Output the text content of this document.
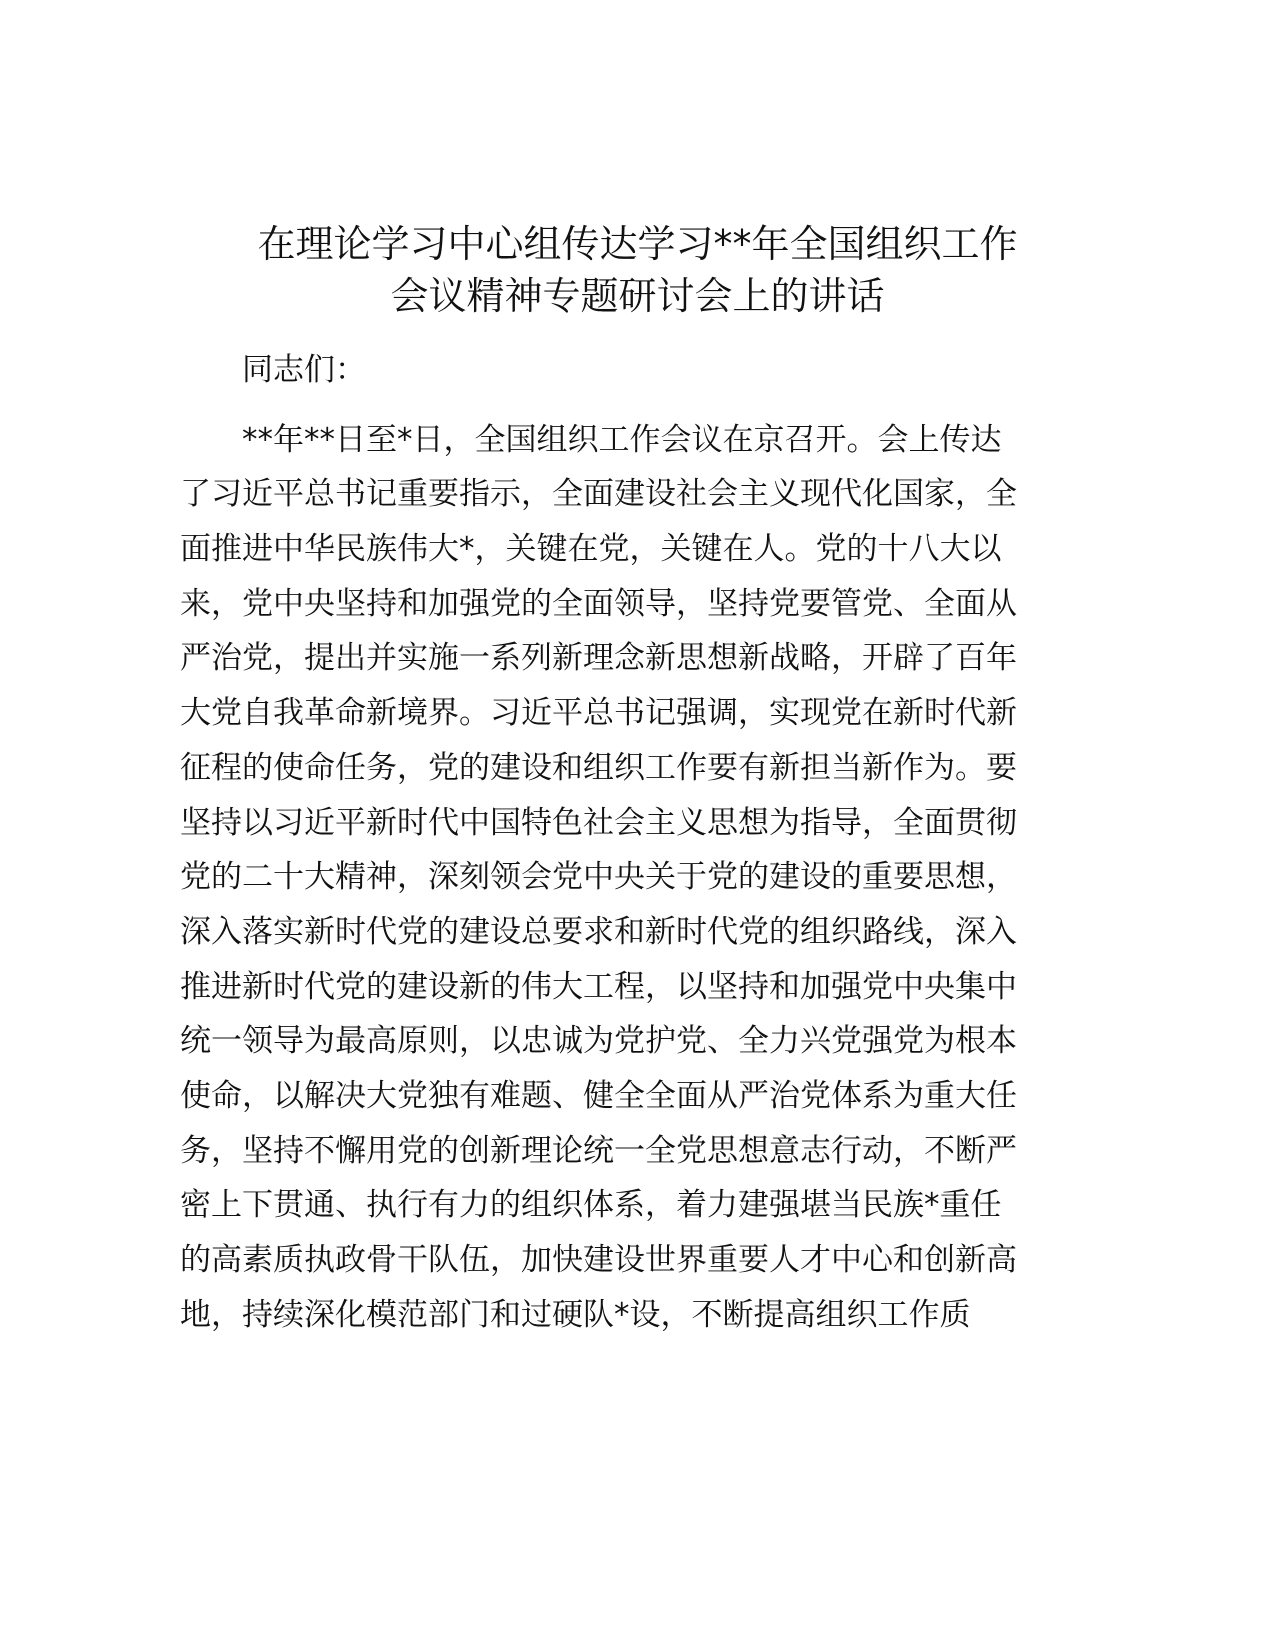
在理论学习中心组传达学习**年全国组织工作
会议精神专题研讨会上的讲话
同志们：
**年**日至*日，全国组织工作会议在京召开。会上传达
了习近平总书记重要指示，全面建设社会主义现代化国家，全
面推进中华民族伟大*，关键在党，关键在人。党的十八大以
来，党中央坚持和加强党的全面领导，坚持党要管党、全面从
严治党，提出并实施一系列新理念新思想新战略，开辟了百年
大党自我革命新境界。习近平总书记强调，实现党在新时代新
征程的使命任务，党的建设和组织工作要有新担当新作为。要
坚持以习近平新时代中国特色社会主义思想为指导，全面贯彻
党的二十大精神，深刻领会党中央关于党的建设的重要思想，
深入落实新时代党的建设总要求和新时代党的组织路线，深入
推进新时代党的建设新的伟大工程，以坚持和加强党中央集中
统一领导为最高原则，以忠诚为党护党、全力兴党强党为根本
使命，以解决大党独有难题、健全全面从严治党体系为重大任
务，坚持不懈用党的创新理论统一全党思想意志行动，不断严
密上下贯通、执行有力的组织体系，着力建强堪当民族*重任
的高素质执政骨干队伍，加快建设世界重要人才中心和创新高
地，持续深化模范部门和过硬队*设，不断提高组织工作质
